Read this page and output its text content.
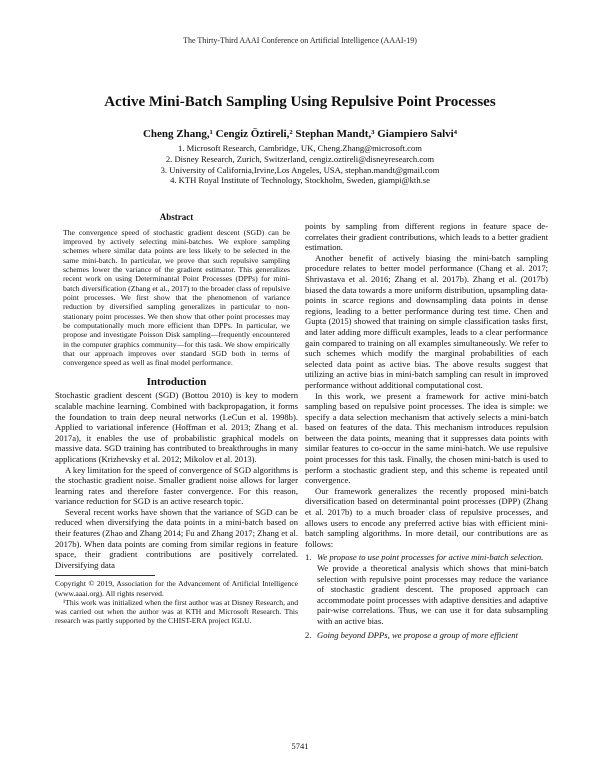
The Thirty-Third AAAI Conference on Artificial Intelligence (AAAI-19)
Active Mini-Batch Sampling Using Repulsive Point Processes
Cheng Zhang,¹ Cengiz Öztireli,² Stephan Mandt,³ Giampiero Salvi⁴
1. Microsoft Research, Cambridge, UK, Cheng.Zhang@microsoft.com
2. Disney Research, Zurich, Switzerland, cengiz.oztireli@disneyresearch.com
3. University of California,Irvine,Los Angeles, USA, stephan.mandt@gmail.com
4. KTH Royal Institute of Technology, Stockholm, Sweden, giampi@kth.se
Abstract

The convergence speed of stochastic gradient descent (SGD) can be improved by actively selecting mini-batches. We explore sampling schemes where similar data points are less likely to be selected in the same mini-batch. In particular, we prove that such repulsive sampling schemes lower the variance of the gradient estimator. This generalizes recent work on using Determinantal Point Processes (DPPs) for mini-batch diversification (Zhang et al., 2017) to the broader class of repulsive point processes. We first show that the phenomenon of variance reduction by diversified sampling generalizes in particular to non-stationary point processes. We then show that other point processes may be computationally much more efficient than DPPs. In particular, we propose and investigate Poisson Disk sampling—frequently encountered in the computer graphics community—for this task. We show empirically that our approach improves over standard SGD both in terms of convergence speed as well as final model performance.

Introduction

Stochastic gradient descent (SGD) (Bottou 2010) is key to modern scalable machine learning. Combined with backpropagation, it forms the foundation to train deep neural networks (LeCun et al. 1998b). Applied to variational inference (Hoffman et al. 2013; Zhang et al. 2017a), it enables the use of probabilistic graphical models on massive data. SGD training has contributed to breakthroughs in many applications (Krizhevsky et al. 2012; Mikolov et al. 2013).

A key limitation for the speed of convergence of SGD algorithms is the stochastic gradient noise. Smaller gradient noise allows for larger learning rates and therefore faster convergence. For this reason, variance reduction for SGD is an active research topic.

Several recent works have shown that the variance of SGD can be reduced when diversifying the data points in a mini-batch based on their features (Zhao and Zhang 2014; Fu and Zhang 2017; Zhang et al. 2017b). When data points are coming from similar regions in feature space, their gradient contributions are positively correlated. Diversifying data

Copyright © 2019, Association for the Advancement of Artificial Intelligence (www.aaai.org). All rights reserved.

¹This work was initialized when the first author was at Disney Research, and was carried out when the author was at KTH and Microsoft Research. This research was partly supported by the CHIST-ERA project IGLU.

points by sampling from different regions in feature space de-correlates their gradient contributions, which leads to a better gradient estimation.

Another benefit of actively biasing the mini-batch sampling procedure relates to better model performance (Chang et al. 2017; Shrivastava et al. 2016; Zhang et al. 2017b). Zhang et al. (2017b) biased the data towards a more uniform distribution, upsampling data-points in scarce regions and downsampling data points in dense regions, leading to a better performance during test time. Chen and Gupta (2015) showed that training on simple classification tasks first, and later adding more difficult examples, leads to a clear performance gain compared to training on all examples simultaneously. We refer to such schemes which modify the marginal probabilities of each selected data point as active bias. The above results suggest that utilizing an active bias in mini-batch sampling can result in improved performance without additional computational cost.

In this work, we present a framework for active mini-batch sampling based on repulsive point processes. The idea is simple: we specify a data selection mechanism that actively selects a mini-batch based on features of the data. This mechanism introduces repulsion between the data points, meaning that it suppresses data points with similar features to co-occur in the same mini-batch. We use repulsive point processes for this task. Finally, the chosen mini-batch is used to perform a stochastic gradient step, and this scheme is repeated until convergence.

Our framework generalizes the recently proposed mini-batch diversification based on determinantal point processes (DPP) (Zhang et al. 2017b) to a much broader class of repulsive processes, and allows users to encode any preferred active bias with efficient mini-batch sampling algorithms. In more detail, our contributions are as follows:

1. We propose to use point processes for active mini-batch selection.
We provide a theoretical analysis which shows that mini-batch selection with repulsive point processes may reduce the variance of stochastic gradient descent. The proposed approach can accommodate point processes with adaptive densities and adaptive pair-wise correlations. Thus, we can use it for data subsampling with an active bias.
2. Going beyond DPPs, we propose a group of more efficient
5741
